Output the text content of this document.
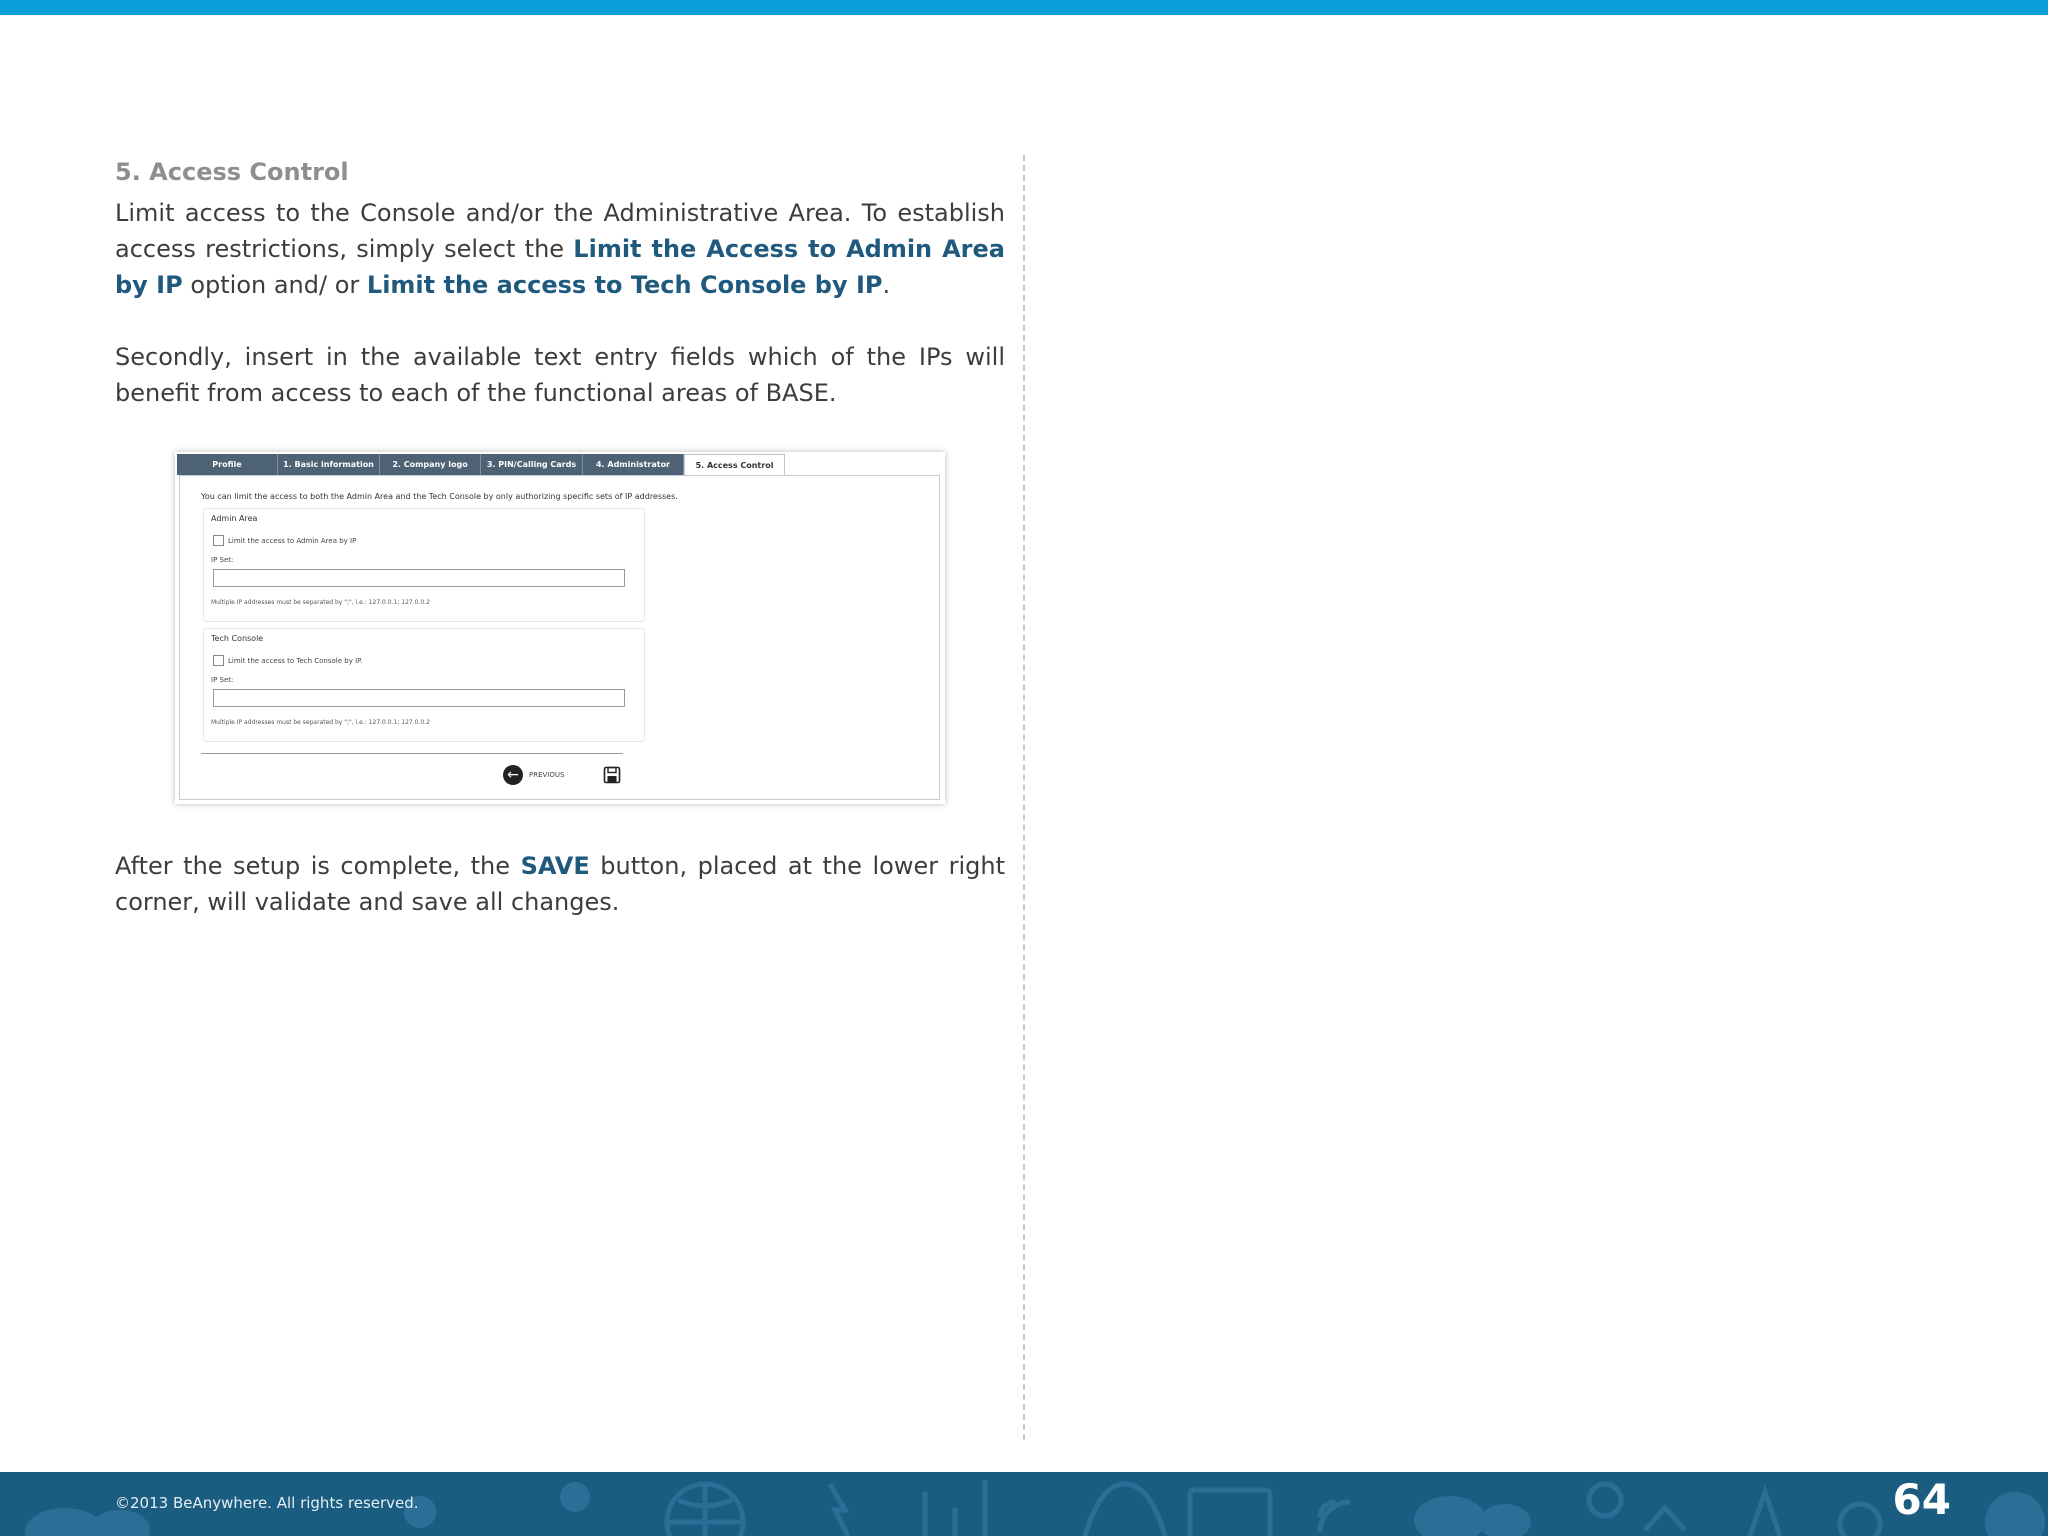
5. Access Control

Limit access to the Console and/or the Administrative Area. To establish access restrictions, simply select the Limit the Access to Admin Area by IP option and/ or Limit the access to Tech Console by IP.

Secondly, insert in the available text entry fields which of the IPs will benefit from access to each of the functional areas of BASE.

Profile	1. Basic information	2. Company logo	3. PIN/Calling Cards	4. Administrator	5. Access Control
You can limit the access to both the Admin Area and the Tech Console by only authorizing specific sets of IP addresses.
Admin Area
Limit the access to Admin Area by IP
IP Set:
Multiple IP addresses must be separated by ";", i.e.: 127.0.0.1; 127.0.0.2
Tech Console
Limit the access to Tech Console by IP.
IP Set:
Multiple IP addresses must be separated by ";", i.e.: 127.0.0.1; 127.0.0.2
←	PREVIOUS

After the setup is complete, the SAVE button, placed at the lower right corner, will validate and save all changes.

©2013 BeAnywhere. All rights reserved.	64
